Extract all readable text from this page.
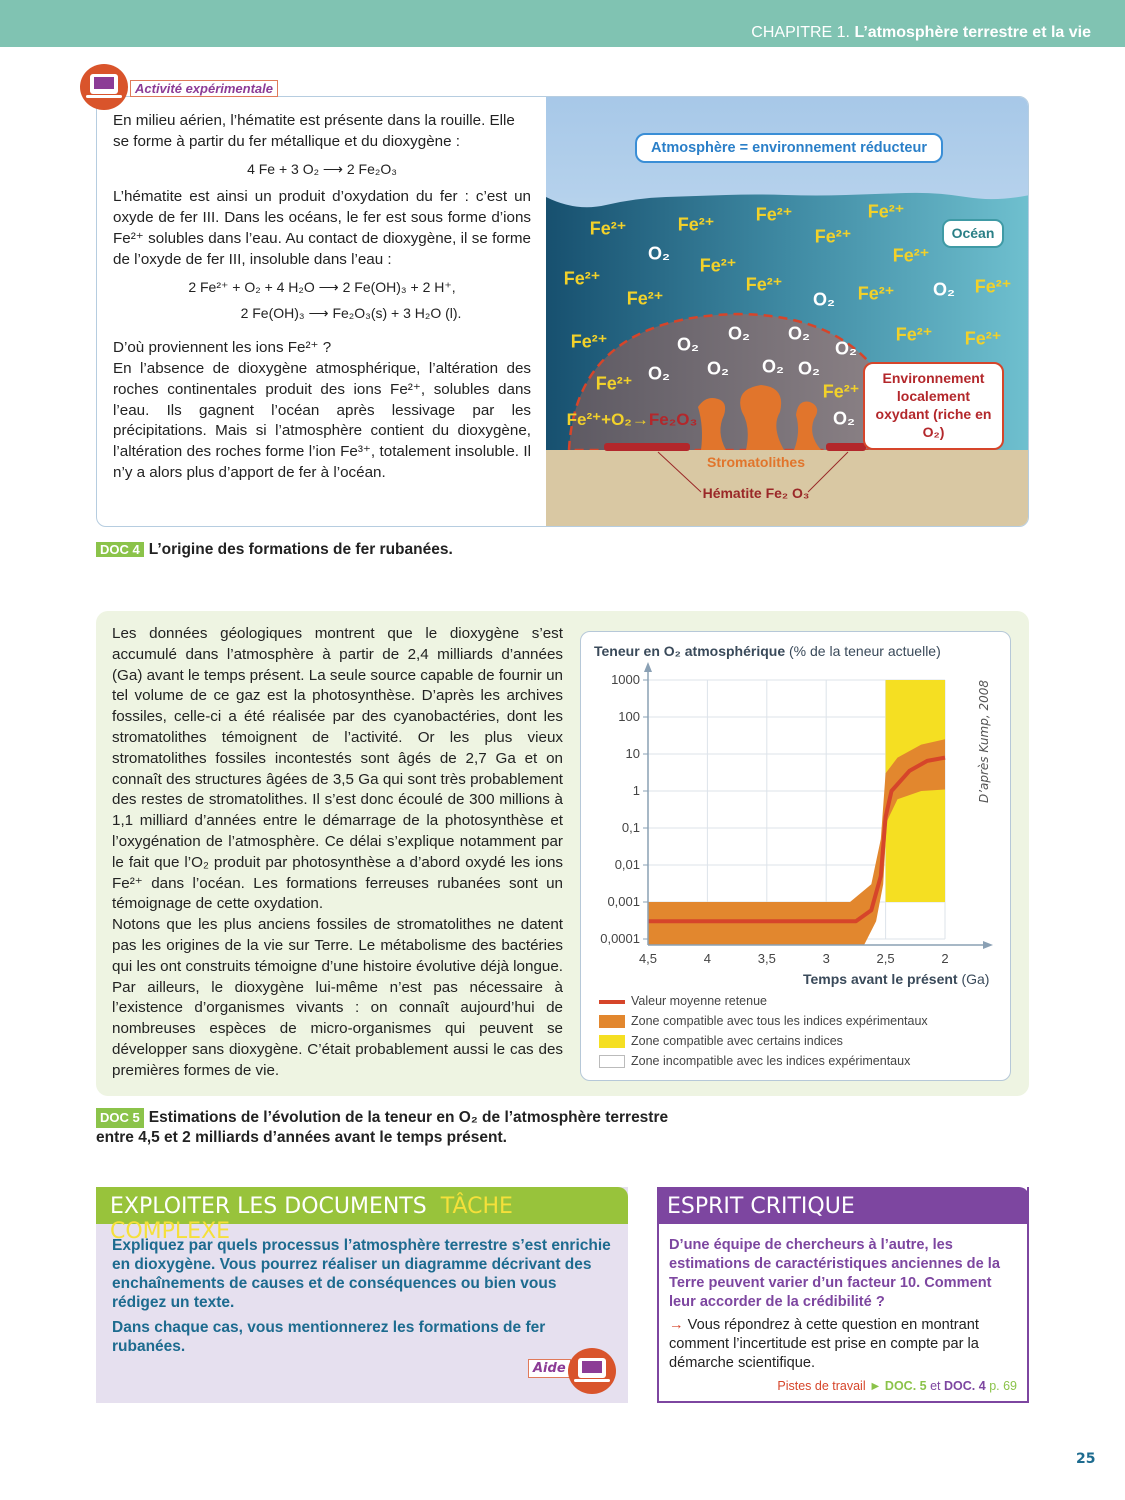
CHAPITRE 1. L’atmosphère terrestre et la vie

En milieu aérien, l’hématite est présente dans la rouille. Elle se forme à partir du fer métallique et du dioxygène :

4 Fe + 3 O₂ ⟶ 2 Fe₂O₃

L’hématite est ainsi un produit d’oxydation du fer : c’est un oxyde de fer III. Dans les océans, le fer est sous forme d’ions Fe²⁺ solubles dans l’eau. Au contact de dioxygène, il se forme de l’oxyde de fer III, insoluble dans l’eau :

2 Fe²⁺ + O₂ + 4 H₂O ⟶ 2 Fe(OH)₃ + 2 H⁺,
2 Fe(OH)₃ ⟶ Fe₂O₃(s) + 3 H₂O (l).

D’où proviennent les ions Fe²⁺ ?

En l’absence de dioxygène atmosphérique, l’altération des roches continentales produit des ions Fe²⁺, solubles dans l’eau. Ils gagnent l’océan après lessivage par les précipitations. Mais si l’atmosphère contient du dioxygène, l’altération des roches forme l’ion Fe³⁺, totalement insoluble. Il n’y a alors plus d’apport de fer à l’océan.

Atmosphère = environnement réducteur
Océan
Fe²⁺	Fe²⁺ Fe²⁺	Fe²⁺
Fe²⁺
Fe²⁺
Fe²⁺
Fe²⁺
Fe²⁺
Fe²⁺	Fe²⁺	Fe²⁺
Fe²⁺	Fe²⁺ Fe²⁺
Fe²⁺	Fe²⁺
O₂
O₂	O₂
O₂ O₂
O₂	O₂
O₂ O₂ O₂ O₂
O₂
Fe²⁺+O₂→Fe₂O₃
Environnement localement oxydant (riche en O₂)
Stromatolithes
Hématite Fe₂ O₃
Activité expérimentale
DOC 4 L’origine des formations de fer rubanées.

Les données géologiques montrent que le dioxygène s’est accumulé dans l’atmosphère à partir de 2,4 milliards d’années (Ga) avant le temps présent. La seule source capable de fournir un tel volume de ce gaz est la photosynthèse. D’après les archives fossiles, celle-ci a été réalisée par des cyanobactéries, dont les stromatolithes témoignent de l’activité. Or les plus vieux stromatolithes fossiles incontestés sont âgés de 2,7 Ga et on connaît des structures âgées de 3,5 Ga qui sont très probablement des restes de stromatolithes. Il s’est donc écoulé de 300 millions à 1,1 milliard d’années entre le démarrage de la photosynthèse et l’oxygénation de l’atmosphère. Ce délai s’explique notamment par le fait que l’O₂ produit par photosynthèse a d’abord oxydé les ions Fe²⁺ dans l’océan. Les formations ferreuses rubanées sont un témoignage de cette oxydation.

Notons que les plus anciens fossiles de stromatolithes ne datent pas les origines de la vie sur Terre. Le métabolisme des bactéries qui les ont construits témoigne d’une histoire évolutive déjà longue. Par ailleurs, le dioxygène lui-même n’est pas nécessaire à l’existence d’organismes vivants : on connaît aujourd’hui de nombreuses espèces de micro-organismes qui peuvent se développer sans dioxygène. C’était probablement aussi le cas des premières formes de vie.

Teneur en O₂ atmosphérique (% de la teneur actuelle)
1000
100
10
1
0,1
0,01
0,001
0,0001
4,5	4	3,5	3	2,5	2
Temps avant le présent (Ga)
D’après Kump, 2008
Valeur moyenne retenue
Zone compatible avec tous les indices expérimentaux
Zone compatible avec certains indices
Zone incompatible avec les indices expérimentaux
DOC 5 Estimations de l’évolution de la teneur en O₂ de l’atmosphère terrestre
entre 4,5 et 2 milliards d’années avant le temps présent.
EXPLOITER LES DOCUMENTS TÂCHE COMPLEXE

Expliquez par quels processus l’atmosphère terrestre s’est enrichie en dioxygène. Vous pourrez réaliser un diagramme décrivant des enchaînements de causes et de conséquences ou bien vous rédigez un texte.

Dans chaque cas, vous mentionnerez les formations de fer rubanées.

Aide
ESPRIT CRITIQUE

D’une équipe de chercheurs à l’autre, les estimations de caractéristiques anciennes de la Terre peuvent varier d’un facteur 10. Comment leur accorder de la crédibilité ?

→ Vous répondrez à cette question en montrant comment l’incertitude est prise en compte par la démarche scientifique.

Pistes de travail ► DOC. 5 et DOC. 4 p. 69

25
